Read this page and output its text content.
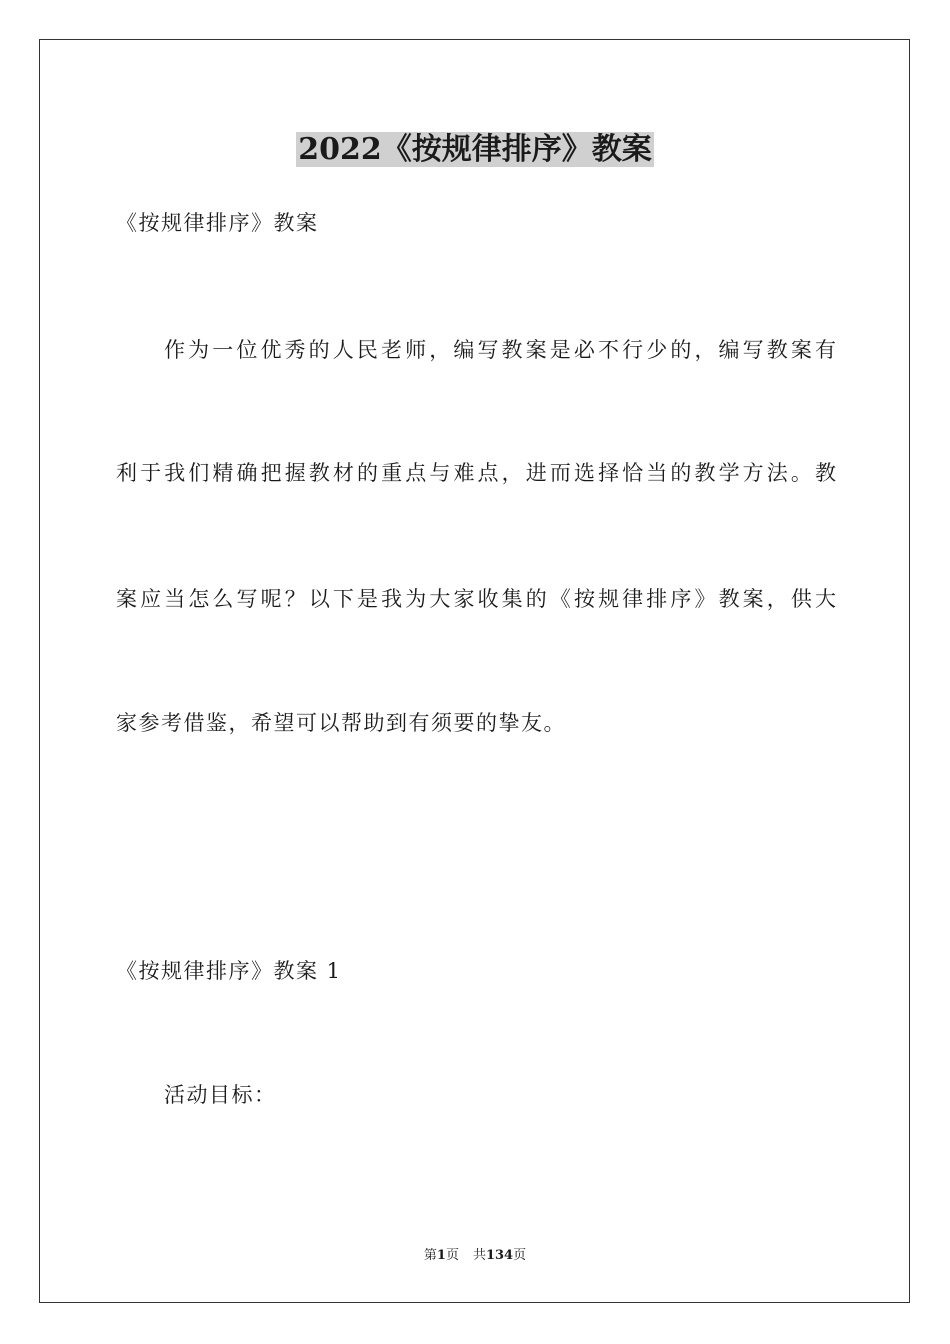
2022《按规律排序》教案
《按规律排序》教案
作为一位优秀的人民老师，编写教案是必不行少的，编写教案有
利于我们精确把握教材的重点与难点，进而选择恰当的教学方法。教
案应当怎么写呢？以下是我为大家收集的《按规律排序》教案，供大
家参考借鉴，希望可以帮助到有须要的挚友。
《按规律排序》教案 1
活动目标：
第1页 共134页
